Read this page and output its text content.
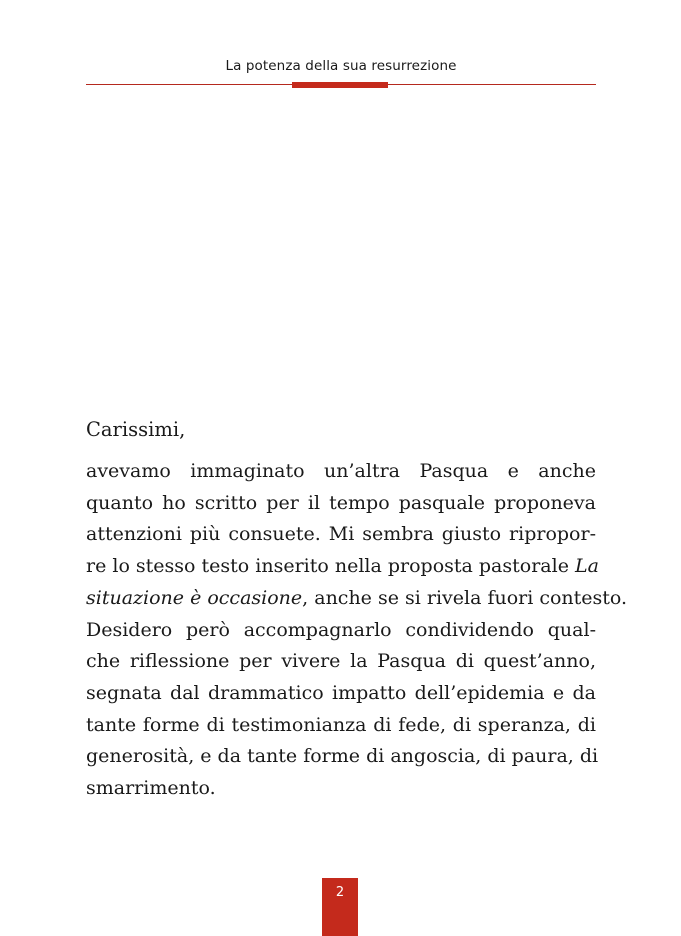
La potenza della sua resurrezione

Carissimi,

avevamo immaginato un’altra Pasqua e anche
quanto ho scritto per il tempo pasquale proponeva
attenzioni più consuete. Mi sembra giusto ripropor-
re lo stesso testo inserito nella proposta pastorale La
situazione è occasione, anche se si rivela fuori contesto.
Desidero però accompagnarlo condividendo qual-
che riflessione per vivere la Pasqua di quest’anno,
segnata dal drammatico impatto dell’epidemia e da
tante forme di testimonianza di fede, di speranza, di
generosità, e da tante forme di angoscia, di paura, di
smarrimento.
2
